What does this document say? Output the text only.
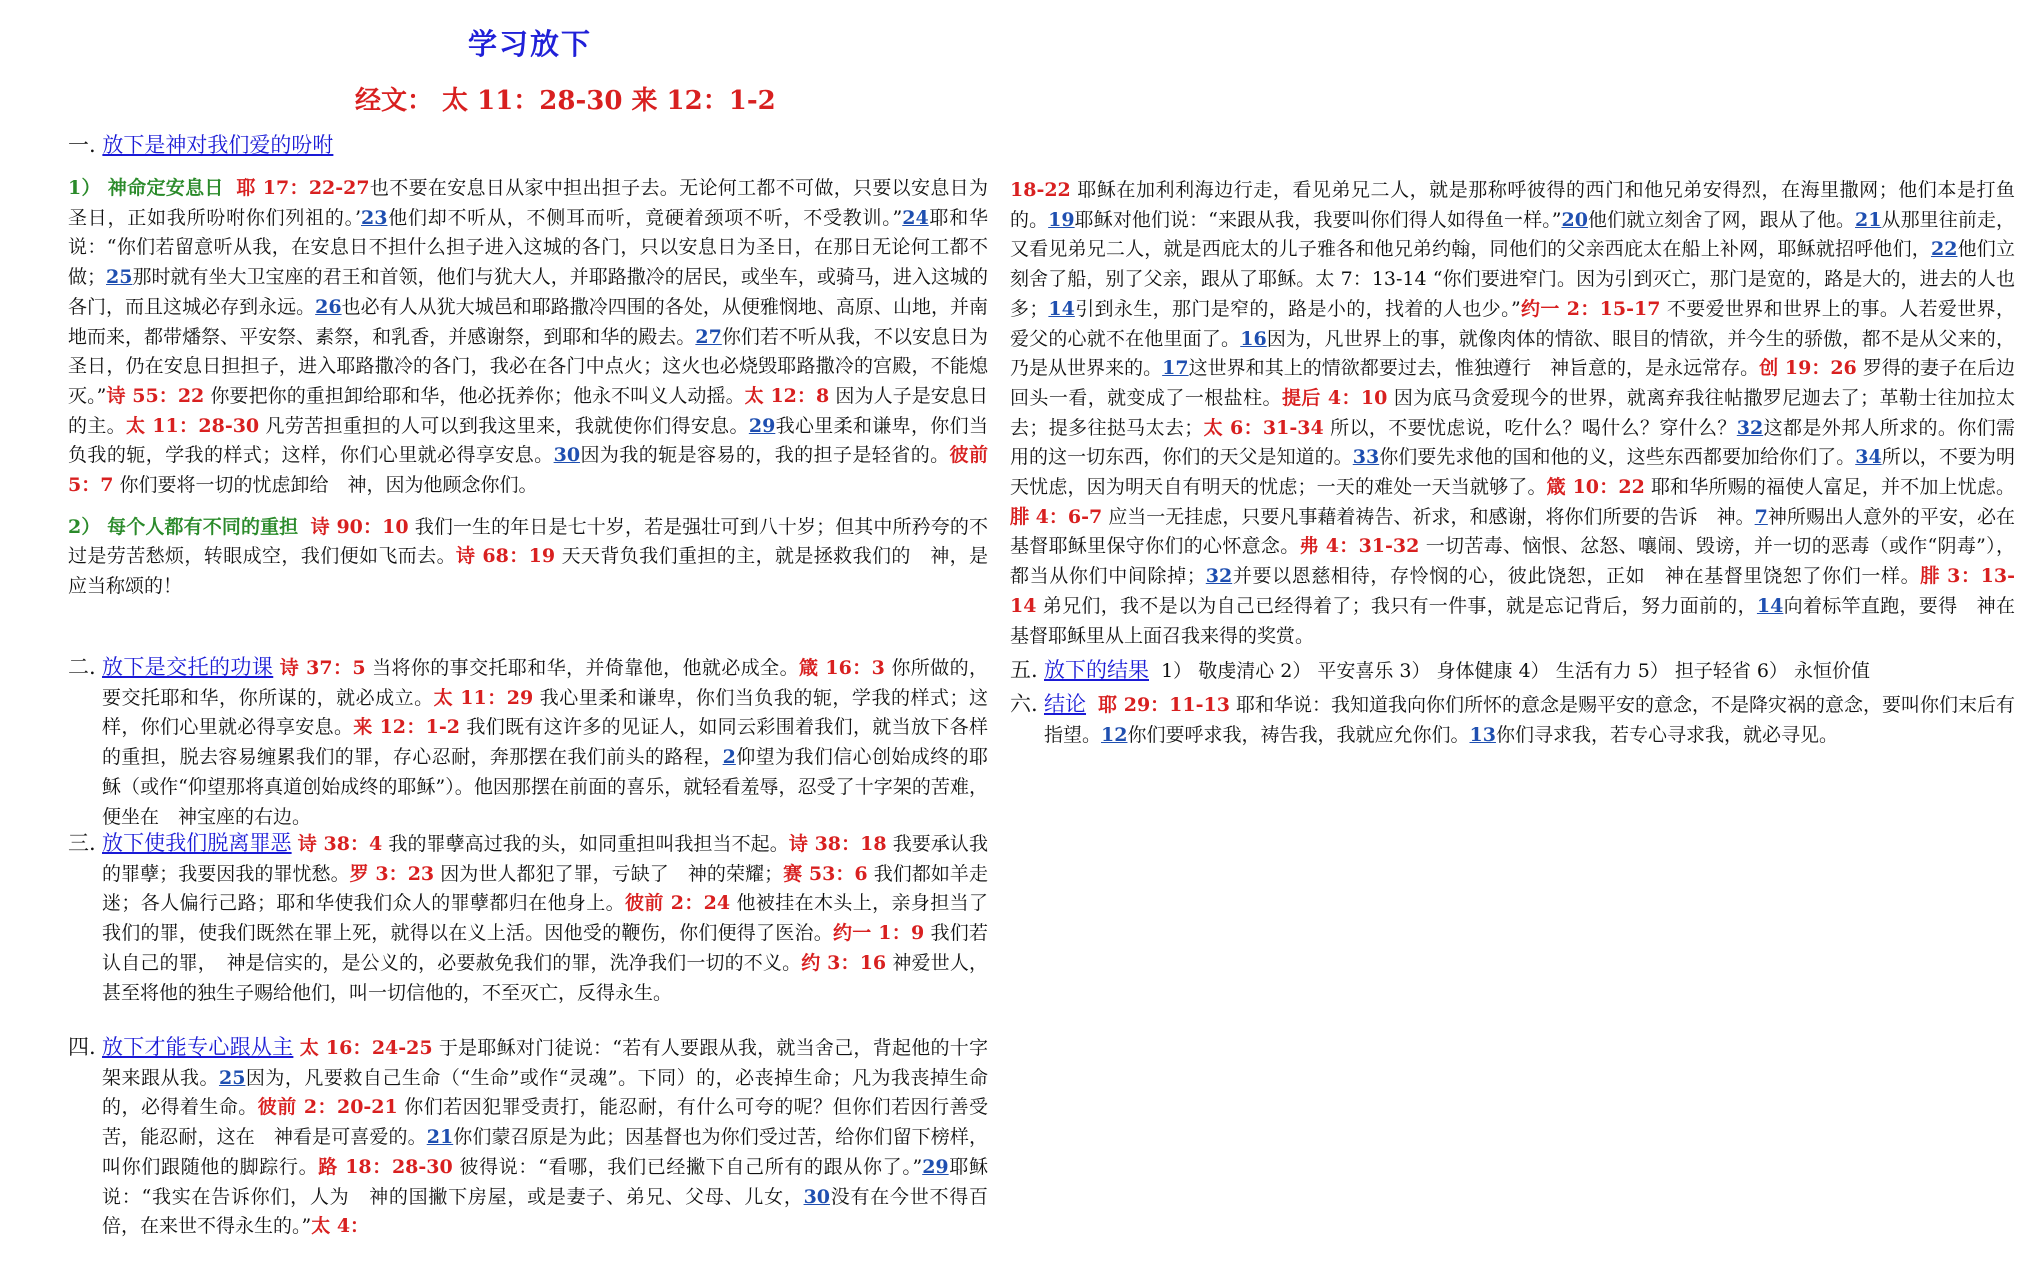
学习放下
经文： 太 11：28-30 来 12：1-2

一. 放下是神对我们爱的吩咐

1） 神命定安息日 耶 17：22-27也不要在安息日从家中担出担子去。无论何工都不可做，只要以安息日为圣日，正如我所吩咐你们列祖的。’23他们却不听从，不侧耳而听，竟硬着颈项不听，不受教训。”24耶和华说：“你们若留意听从我，在安息日不担什么担子进入这城的各门，只以安息日为圣日，在那日无论何工都不做；25那时就有坐大卫宝座的君王和首领，他们与犹大人，并耶路撒冷的居民，或坐车，或骑马，进入这城的各门，而且这城必存到永远。26也必有人从犹大城邑和耶路撒冷四围的各处，从便雅悯地、高原、山地，并南地而来，都带燔祭、平安祭、素祭，和乳香，并感谢祭，到耶和华的殿去。27你们若不听从我，不以安息日为圣日，仍在安息日担担子，进入耶路撒冷的各门，我必在各门中点火；这火也必烧毁耶路撒冷的宫殿，不能熄灭。”诗 55：22 你要把你的重担卸给耶和华，他必抚养你；他永不叫义人动摇。太 12：8 因为人子是安息日的主。太 11：28-30 凡劳苦担重担的人可以到我这里来，我就使你们得安息。29我心里柔和谦卑，你们当负我的轭，学我的样式；这样，你们心里就必得享安息。30因为我的轭是容易的，我的担子是轻省的。彼前 5：7 你们要将一切的忧虑卸给　神，因为他顾念你们。

2） 每个人都有不同的重担 诗 90：10 我们一生的年日是七十岁，若是强壮可到八十岁；但其中所矜夸的不过是劳苦愁烦，转眼成空，我们便如飞而去。诗 68：19 天天背负我们重担的主，就是拯救我们的　神，是应当称颂的！

二. 放下是交托的功课 诗 37：5 当将你的事交托耶和华，并倚靠他，他就必成全。箴 16：3 你所做的，要交托耶和华，你所谋的，就必成立。太 11：29 我心里柔和谦卑，你们当负我的轭，学我的样式；这样，你们心里就必得享安息。来 12：1-2 我们既有这许多的见证人，如同云彩围着我们，就当放下各样的重担，脱去容易缠累我们的罪，存心忍耐，奔那摆在我们前头的路程，2仰望为我们信心创始成终的耶稣（或作“仰望那将真道创始成终的耶稣”）。他因那摆在前面的喜乐，就轻看羞辱，忍受了十字架的苦难，便坐在　神宝座的右边。

三. 放下使我们脱离罪恶 诗 38：4 我的罪孽高过我的头，如同重担叫我担当不起。诗 38：18 我要承认我的罪孽；我要因我的罪忧愁。罗 3：23 因为世人都犯了罪，亏缺了　神的荣耀；赛 53：6 我们都如羊走迷；各人偏行己路；耶和华使我们众人的罪孽都归在他身上。彼前 2：24 他被挂在木头上，亲身担当了我们的罪，使我们既然在罪上死，就得以在义上活。因他受的鞭伤，你们便得了医治。约一 1：9 我们若认自己的罪，　神是信实的，是公义的，必要赦免我们的罪，洗净我们一切的不义。约 3：16 神爱世人，甚至将他的独生子赐给他们，叫一切信他的，不至灭亡，反得永生。

四. 放下才能专心跟从主 太 16：24-25 于是耶稣对门徒说：“若有人要跟从我，就当舍己，背起他的十字架来跟从我。25因为，凡要救自己生命（“生命”或作“灵魂”。下同）的，必丧掉生命；凡为我丧掉生命的，必得着生命。彼前 2：20-21 你们若因犯罪受责打，能忍耐，有什么可夸的呢？但你们若因行善受苦，能忍耐，这在　神看是可喜爱的。21你们蒙召原是为此；因基督也为你们受过苦，给你们留下榜样，叫你们跟随他的脚踪行。路 18：28-30 彼得说：“看哪，我们已经撇下自己所有的跟从你了。”29耶稣说：“我实在告诉你们，人为　神的国撇下房屋，或是妻子、弟兄、父母、儿女，30没有在今世不得百倍，在来世不得永生的。”太 4：

18-22 耶稣在加利利海边行走，看见弟兄二人，就是那称呼彼得的西门和他兄弟安得烈，在海里撒网；他们本是打鱼的。19耶稣对他们说：“来跟从我，我要叫你们得人如得鱼一样。”20他们就立刻舍了网，跟从了他。21从那里往前走，又看见弟兄二人，就是西庇太的儿子雅各和他兄弟约翰，同他们的父亲西庇太在船上补网，耶稣就招呼他们，22他们立刻舍了船，别了父亲，跟从了耶稣。太 7：13-14 “你们要进窄门。因为引到灭亡，那门是宽的，路是大的，进去的人也多；14引到永生，那门是窄的，路是小的，找着的人也少。”约一 2：15-17 不要爱世界和世界上的事。人若爱世界，爱父的心就不在他里面了。16因为，凡世界上的事，就像肉体的情欲、眼目的情欲，并今生的骄傲，都不是从父来的，乃是从世界来的。17这世界和其上的情欲都要过去，惟独遵行　神旨意的，是永远常存。创 19：26 罗得的妻子在后边回头一看，就变成了一根盐柱。提后 4：10 因为底马贪爱现今的世界，就离弃我往帖撒罗尼迦去了；革勒士往加拉太去；提多往挞马太去；太 6：31-34 所以，不要忧虑说，吃什么？喝什么？穿什么？32这都是外邦人所求的。你们需用的这一切东西，你们的天父是知道的。33你们要先求他的国和他的义，这些东西都要加给你们了。34所以，不要为明天忧虑，因为明天自有明天的忧虑；一天的难处一天当就够了。箴 10：22 耶和华所赐的福使人富足，并不加上忧虑。腓 4：6-7 应当一无挂虑，只要凡事藉着祷告、祈求，和感谢，将你们所要的告诉　神。7神所赐出人意外的平安，必在基督耶稣里保守你们的心怀意念。弗 4：31-32 一切苦毒、恼恨、忿怒、嚷闹、毁谤，并一切的恶毒（或作“阴毒”），都当从你们中间除掉；32并要以恩慈相待，存怜悯的心，彼此饶恕，正如　神在基督里饶恕了你们一样。腓 3：13-14 弟兄们，我不是以为自己已经得着了；我只有一件事，就是忘记背后，努力面前的，14向着标竿直跑，要得　神在基督耶稣里从上面召我来得的奖赏。

五. 放下的结果 1） 敬虔清心 2） 平安喜乐 3） 身体健康 4） 生活有力 5） 担子轻省 6） 永恒价值

六. 结论 耶 29：11-13 耶和华说：我知道我向你们所怀的意念是赐平安的意念，不是降灾祸的意念，要叫你们末后有指望。12你们要呼求我，祷告我，我就应允你们。13你们寻求我，若专心寻求我，就必寻见。
